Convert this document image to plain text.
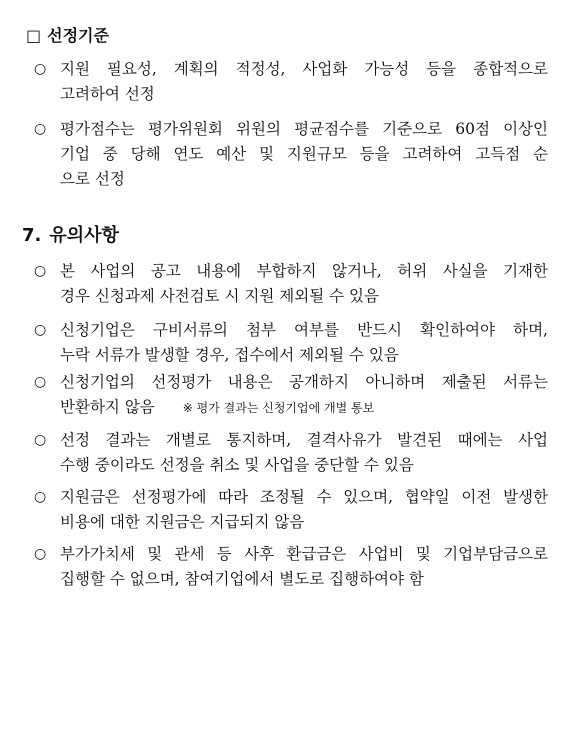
□ 선정기준
○ 지원 필요성, 계획의 적정성, 사업화 가능성 등을 종합적으로
고려하여 선정
○ 평가점수는 평가위원회 위원의 평균점수를 기준으로 60점 이상인
기업 중 당해 연도 예산 및 지원규모 등을 고려하여 고득점 순
으로 선정
7. 유의사항
○ 본 사업의 공고 내용에 부합하지 않거나, 허위 사실을 기재한
경우 신청과제 사전검토 시 지원 제외될 수 있음
○ 신청기업은 구비서류의 첨부 여부를 반드시 확인하여야 하며,
누락 서류가 발생할 경우, 접수에서 제외될 수 있음
○ 신청기업의 선정평가 내용은 공개하지 아니하며 제출된 서류는
반환하지 않음 ※ 평가 결과는 신청기업에 개별 통보
○ 선정 결과는 개별로 통지하며, 결격사유가 발견된 때에는 사업
수행 중이라도 선정을 취소 및 사업을 중단할 수 있음
○ 지원금은 선정평가에 따라 조정될 수 있으며, 협약일 이전 발생한
비용에 대한 지원금은 지급되지 않음
○ 부가가치세 및 관세 등 사후 환급금은 사업비 및 기업부담금으로
집행할 수 없으며, 참여기업에서 별도로 집행하여야 함
